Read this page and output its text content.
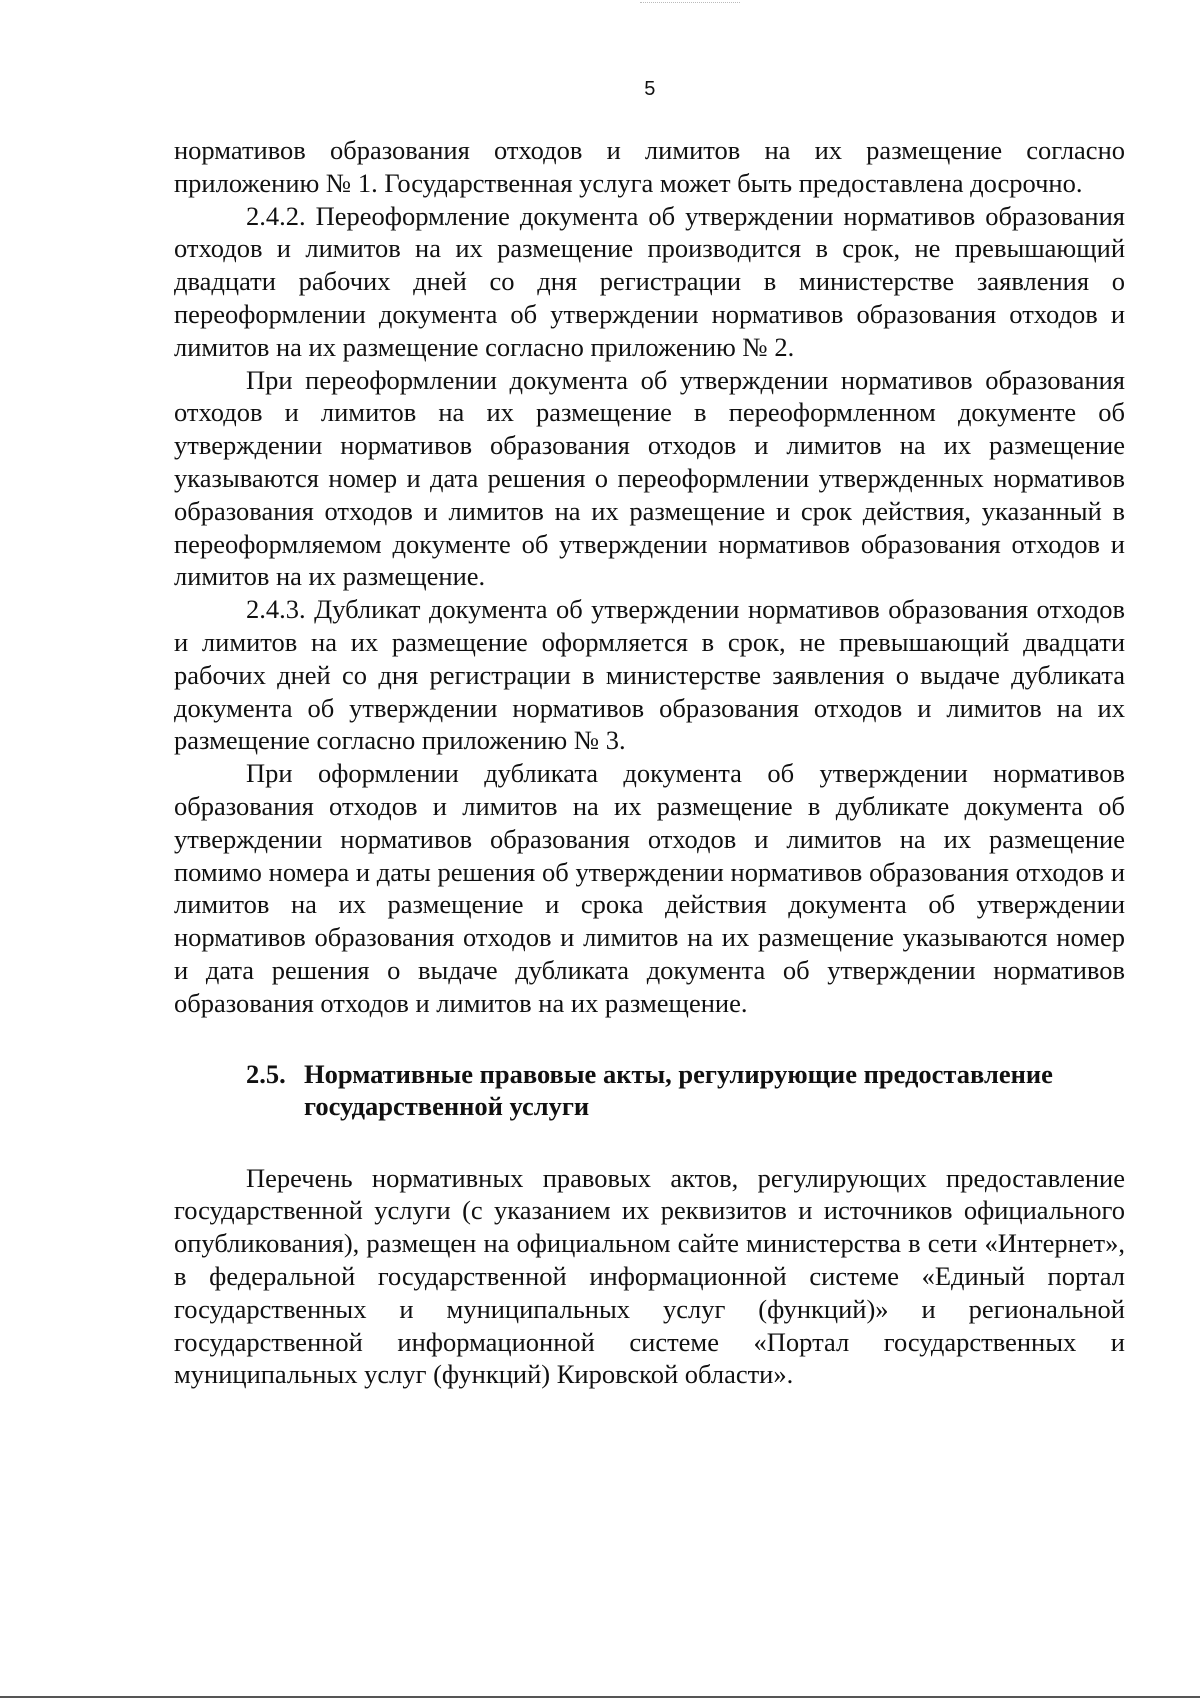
5

нормативов образования отходов и лимитов на их размещение согласно приложению № 1. Государственная услуга может быть предоставлена досрочно.

2.4.2. Переоформление документа об утверждении нормативов образования отходов и лимитов на их размещение производится в срок, не превышающий двадцати рабочих дней со дня регистрации в министерстве заявления о переоформлении документа об утверждении нормативов образования отходов и лимитов на их размещение согласно приложению № 2.

При переоформлении документа об утверждении нормативов образования отходов и лимитов на их размещение в переоформленном документе об утверждении нормативов образования отходов и лимитов на их размещение указываются номер и дата решения о переоформлении утвержденных нормативов образования отходов и лимитов на их размещение и срок действия, указанный в переоформляемом документе об утверждении нормативов образования отходов и лимитов на их размещение.

2.4.3. Дубликат документа об утверждении нормативов образования отходов и лимитов на их размещение оформляется в срок, не превышающий двадцати рабочих дней со дня регистрации в министерстве заявления о выдаче дубликата документа об утверждении нормативов образования отходов и лимитов на их размещение согласно приложению № 3.

При оформлении дубликата документа об утверждении нормативов образования отходов и лимитов на их размещение в дубликате документа об утверждении нормативов образования отходов и лимитов на их размещение помимо номера и даты решения об утверждении нормативов образования отходов и лимитов на их размещение и срока действия документа об утверждении нормативов образования отходов и лимитов на их размещение указываются номер и дата решения о выдаче дубликата документа об утверждении нормативов образования отходов и лимитов на их размещение.

2.5. Нормативные правовые акты, регулирующие предоставление
государственной услуги

Перечень нормативных правовых актов, регулирующих предоставление государственной услуги (с указанием их реквизитов и источников официального опубликования), размещен на официальном сайте министерства в сети «Интернет», в федеральной государственной информационной системе «Единый портал государственных и муниципальных услуг (функций)» и региональной государственной информационной системе «Портал государственных и муниципальных услуг (функций) Кировской области».
